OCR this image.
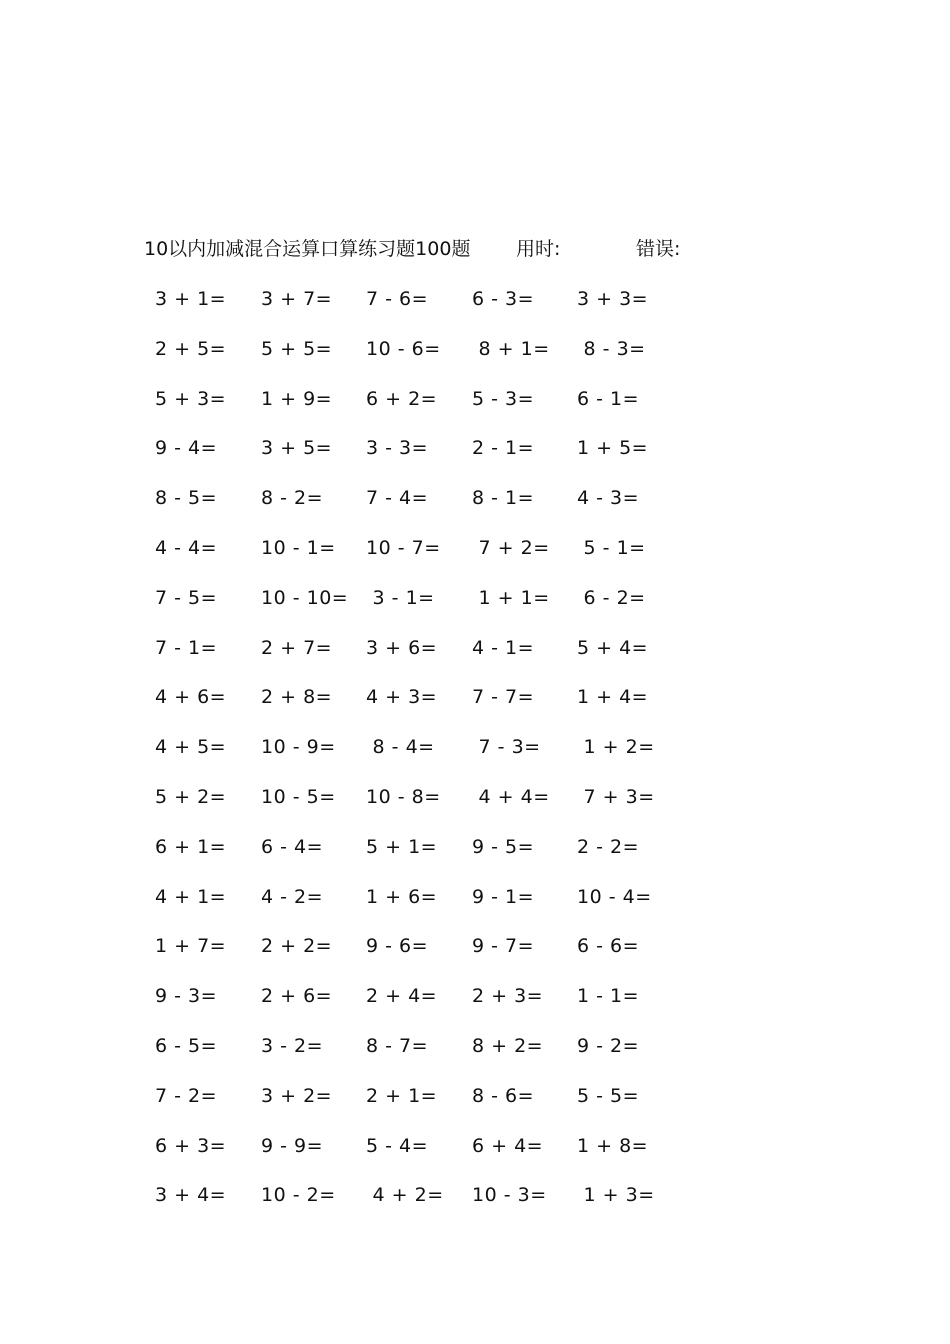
10以内加减混合运算口算练习题100题 用时:	错误:
3 + 1= 3 + 7= 7 - 6= 6 - 3= 3 + 3=
2 + 5= 5 + 5= 10 - 6= 8 + 1= 8 - 3=
5 + 3= 1 + 9= 6 + 2= 5 - 3= 6 - 1=
9 - 4= 3 + 5= 3 - 3= 2 - 1= 1 + 5=
8 - 5= 8 - 2= 7 - 4= 8 - 1= 4 - 3=
4 - 4= 10 - 1= 10 - 7= 7 + 2= 5 - 1=
7 - 5= 10 - 10= 3 - 1= 1 + 1= 6 - 2=
7 - 1= 2 + 7= 3 + 6= 4 - 1= 5 + 4=
4 + 6= 2 + 8= 4 + 3= 7 - 7= 1 + 4=
4 + 5= 10 - 9= 8 - 4= 7 - 3= 1 + 2=
5 + 2= 10 - 5= 10 - 8= 4 + 4= 7 + 3=
6 + 1= 6 - 4= 5 + 1= 9 - 5= 2 - 2=
4 + 1= 4 - 2= 1 + 6= 9 - 1= 10 - 4=
1 + 7= 2 + 2= 9 - 6= 9 - 7= 6 - 6=
9 - 3= 2 + 6= 2 + 4= 2 + 3= 1 - 1=
6 - 5= 3 - 2= 8 - 7= 8 + 2= 9 - 2=
7 - 2= 3 + 2= 2 + 1= 8 - 6= 5 - 5=
6 + 3= 9 - 9= 5 - 4= 6 + 4= 1 + 8=
3 + 4= 10 - 2= 4 + 2= 10 - 3= 1 + 3=
